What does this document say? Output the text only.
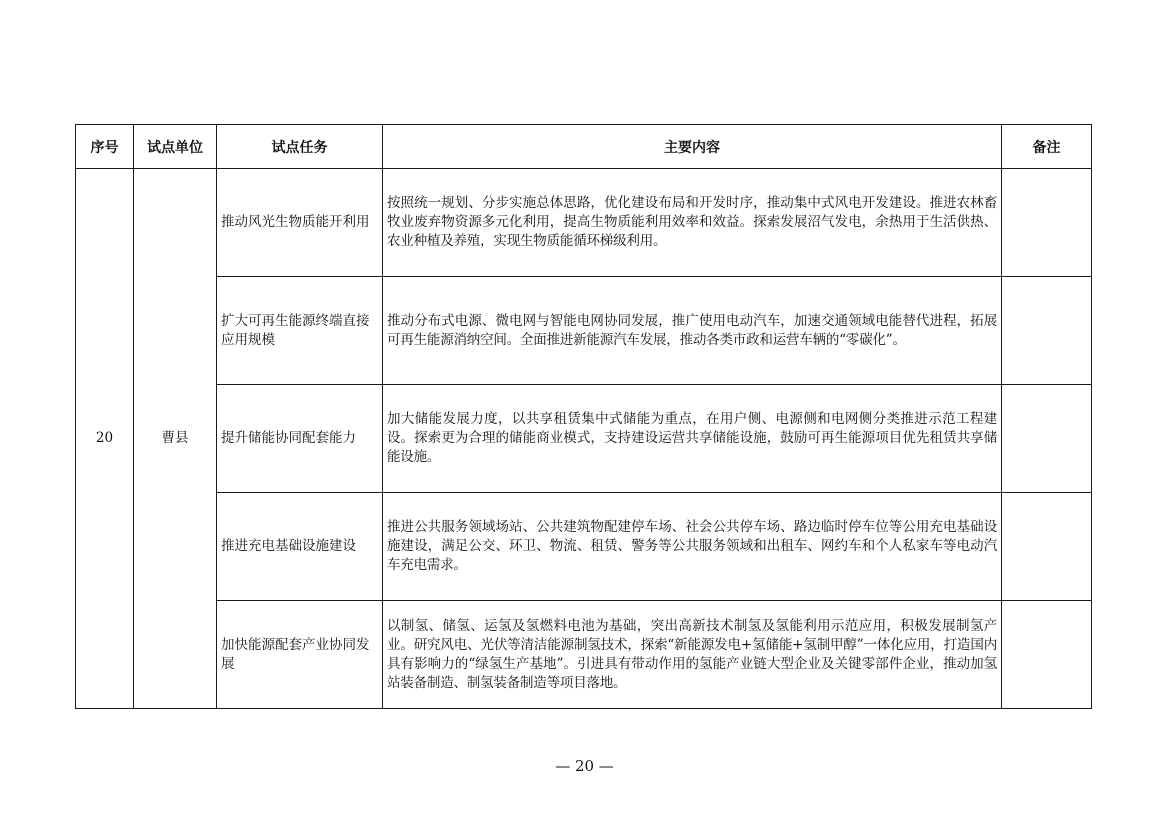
序号	试点单位	试点任务	主要内容	备注
20	曹县	推动风光生物质能开利用	按照统一规划、分步实施总体思路，优化建设布局和开发时序，推动集中式风电开发建设。推进农林畜牧业废弃物资源多元化利用，提高生物质能利用效率和效益。探索发展沼气发电，余热用于生活供热、农业种植及养殖，实现生物质能循环梯级利用。	
		扩大可再生能源终端直接应用规模	推动分布式电源、微电网与智能电网协同发展，推广使用电动汽车，加速交通领域电能替代进程，拓展可再生能源消纳空间。全面推进新能源汽车发展，推动各类市政和运营车辆的“零碳化”。	
		提升储能协同配套能力	加大储能发展力度，以共享租赁集中式储能为重点，在用户侧、电源侧和电网侧分类推进示范工程建设。探索更为合理的储能商业模式，支持建设运营共享储能设施，鼓励可再生能源项目优先租赁共享储能设施。	
		推进充电基础设施建设	推进公共服务领域场站、公共建筑物配建停车场、社会公共停车场、路边临时停车位等公用充电基础设施建设，满足公交、环卫、物流、租赁、警务等公共服务领域和出租车、网约车和个人私家车等电动汽车充电需求。	
		加快能源配套产业协同发展	以制氢、储氢、运氢及氢燃料电池为基础，突出高新技术制氢及氢能利用示范应用，积极发展制氢产业。研究风电、光伏等清洁能源制氢技术，探索“新能源发电+氢储能+氢制甲醇”一体化应用，打造国内具有影响力的“绿氢生产基地”。引进具有带动作用的氢能产业链大型企业及关键零部件企业，推动加氢站装备制造、制氢装备制造等项目落地。	
— 20 —
